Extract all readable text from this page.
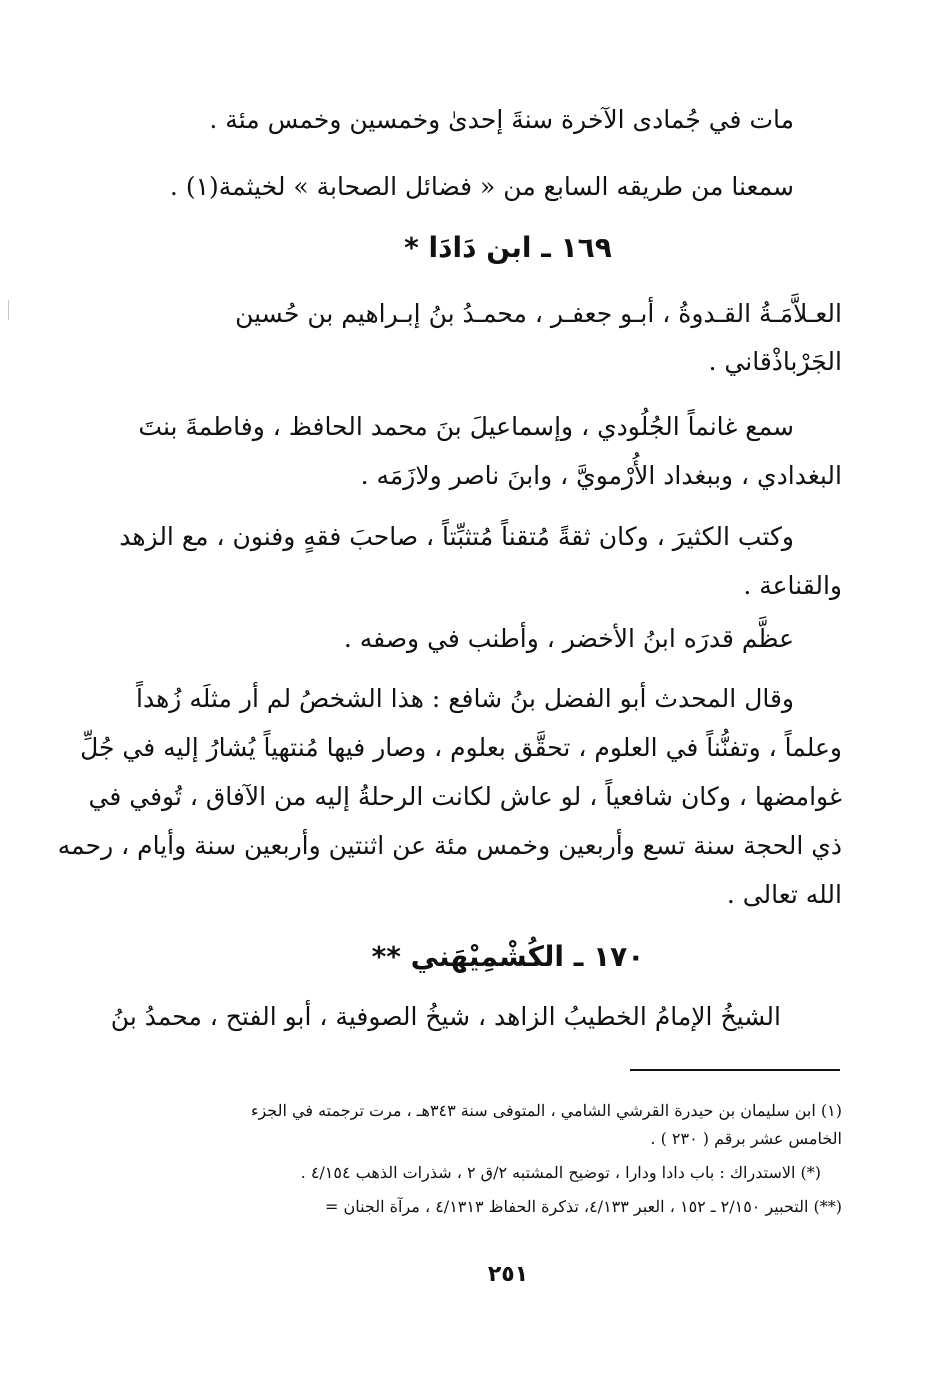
مات في جُمادى الآخرة سنةَ إحدىٰ وخمسين وخمس مئة .
سمعنا من طريقه السابع من « فضائل الصحابة » لخيثمة(١) .
١٦٩ ـ ابن دَادَا *
العـلاَّمَـةُ القـدوةُ ، أبـو جعفـر ، محمـدُ بنُ إبـراهيم بن حُسين
الجَرْباذْقاني .
سمع غانماً الجُلُودي ، وإسماعيلَ بنَ محمد الحافظ ، وفاطمةَ بنتَ
البغدادي ، وببغداد الأُرْمويَّ ، وابنَ ناصر ولازَمَه .
وكتب الكثيرَ ، وكان ثقةً مُتقناً مُتثبِّتاً ، صاحبَ فقهٍ وفنون ، مع الزهد
والقناعة .
عظَّم قدرَه ابنُ الأخضر ، وأطنب في وصفه .
وقال المحدث أبو الفضل بنُ شافع : هذا الشخصُ لم أر مثلَه زُهداً
وعلماً ، وتفنُّناً في العلوم ، تحقَّق بعلوم ، وصار فيها مُنتهياً يُشارُ إليه في جُلِّ
غوامضها ، وكان شافعياً ، لو عاش لكانت الرحلةُ إليه من الآفاق ، تُوفي في
ذي الحجة سنة تسع وأربعين وخمس مئة عن اثنتين وأربعين سنة وأيام ، رحمه
الله تعالى .
١٧٠ ـ الكُشْمِيْهَني **
الشيخُ الإمامُ الخطيبُ الزاهد ، شيخُ الصوفية ، أبو الفتح ، محمدُ بنُ
(١) ابن سليمان بن حيدرة القرشي الشامي ، المتوفى سنة ٣٤٣هـ ، مرت ترجمته في الجزء
الخامس عشر برقم ( ٢٣٠ ) .
(*) الاستدراك : باب دادا ودارا ، توضيح المشتبه ٢/ق ٢ ، شذرات الذهب ٤/١٥٤ .
(**) التحبير ٢/١٥٠ ـ ١٥٢ ، العبر ٤/١٣٣، تذكرة الحفاظ ٤/١٣١٣ ، مرآة الجنان =
٢٥١
